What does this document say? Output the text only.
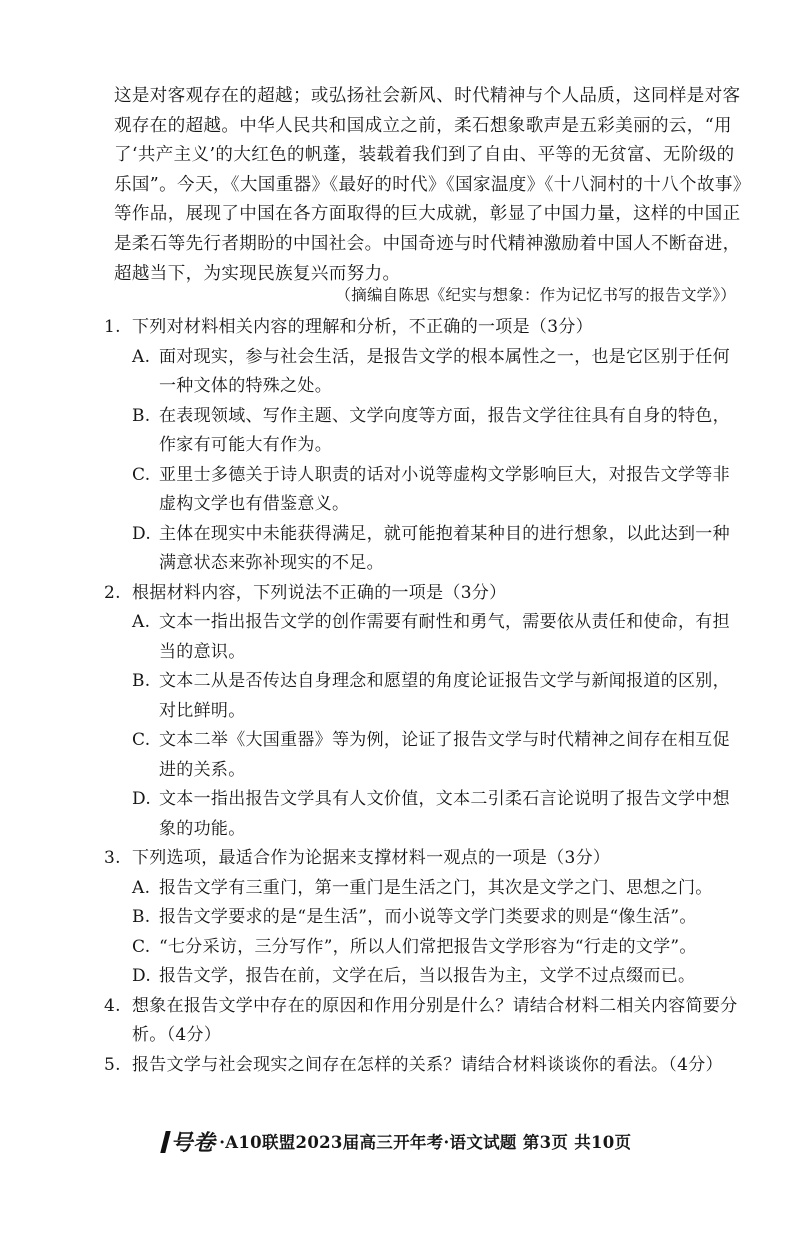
这是对客观存在的超越；或弘扬社会新风、时代精神与个人品质，这同样是对客观存在的超越。中华人民共和国成立之前，柔石想象歌声是五彩美丽的云，“用了‘共产主义’的大红色的帆蓬，装载着我们到了自由、平等的无贫富、无阶级的乐国”。今天，《大国重器》《最好的时代》《国家温度》《十八洞村的十八个故事》等作品，展现了中国在各方面取得的巨大成就，彰显了中国力量，这样的中国正是柔石等先行者期盼的中国社会。中国奇迹与时代精神激励着中国人不断奋进，超越当下，为实现民族复兴而努力。

（摘编自陈思《纪实与想象：作为记忆书写的报告文学》）
1. 下列对材料相关内容的理解和分析，不正确的一项是（3分）
A. 面对现实，参与社会生活，是报告文学的根本属性之一，也是它区别于任何一种文体的特殊之处。
B. 在表现领域、写作主题、文学向度等方面，报告文学往往具有自身的特色，作家有可能大有作为。
C. 亚里士多德关于诗人职责的话对小说等虚构文学影响巨大，对报告文学等非虚构文学也有借鉴意义。
D. 主体在现实中未能获得满足，就可能抱着某种目的进行想象，以此达到一种满意状态来弥补现实的不足。
2. 根据材料内容，下列说法不正确的一项是（3分）
A. 文本一指出报告文学的创作需要有耐性和勇气，需要依从责任和使命，有担当的意识。
B. 文本二从是否传达自身理念和愿望的角度论证报告文学与新闻报道的区别，对比鲜明。
C. 文本二举《大国重器》等为例，论证了报告文学与时代精神之间存在相互促进的关系。
D. 文本一指出报告文学具有人文价值，文本二引柔石言论说明了报告文学中想象的功能。
3. 下列选项，最适合作为论据来支撑材料一观点的一项是（3分）
A. 报告文学有三重门，第一重门是生活之门，其次是文学之门、思想之门。
B. 报告文学要求的是“是生活”，而小说等文学门类要求的则是“像生活”。
C. “七分采访，三分写作”，所以人们常把报告文学形容为“行走的文学”。
D. 报告文学，报告在前，文学在后，当以报告为主，文学不过点缀而已。
4. 想象在报告文学中存在的原因和作用分别是什么？请结合材料二相关内容简要分析。（4分）
5. 报告文学与社会现实之间存在怎样的关系？请结合材料谈谈你的看法。（4分）
号卷 ·A10联盟2023届高三开年考·语文试题 第3页 共10页
